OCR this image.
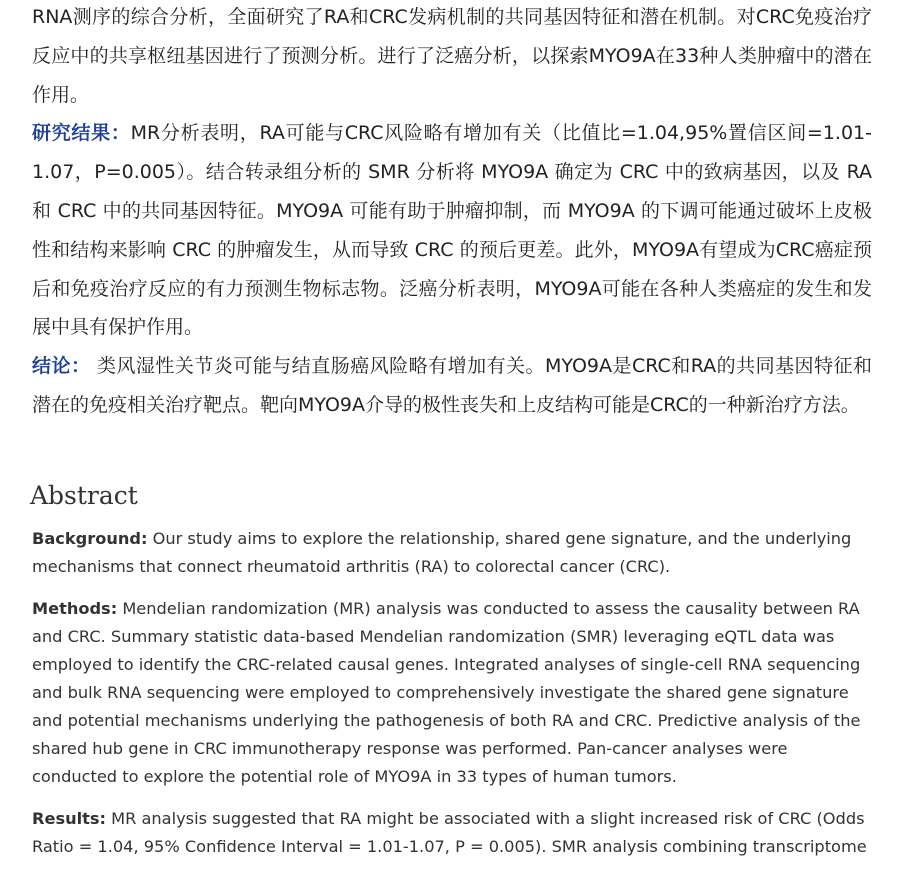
RNA测序的综合分析，全面研究了RA和CRC发病机制的共同基因特征和潜在机制。对CRC免疫治疗反应中的共享枢纽基因进行了预测分析。进行了泛癌分析，以探索MYO9A在33种人类肿瘤中的潜在作用。

研究结果：MR分析表明，RA可能与CRC风险略有增加有关（比值比=1.04,95%置信区间=1.01-1.07，P=0.005）。结合转录组分析的 SMR 分析将 MYO9A 确定为 CRC 中的致病基因，以及 RA 和 CRC 中的共同基因特征。MYO9A 可能有助于肿瘤抑制，而 MYO9A 的下调可能通过破坏上皮极性和结构来影响 CRC 的肿瘤发生，从而导致 CRC 的预后更差。此外，MYO9A有望成为CRC癌症预后和免疫治疗反应的有力预测生物标志物。泛癌分析表明，MYO9A可能在各种人类癌症的发生和发展中具有保护作用。

结论： 类风湿性关节炎可能与结直肠癌风险略有增加有关。MYO9A是CRC和RA的共同基因特征和潜在的免疫相关治疗靶点。靶向MYO9A介导的极性丧失和上皮结构可能是CRC的一种新治疗方法。

Abstract

Background: Our study aims to explore the relationship, shared gene signature, and the underlying mechanisms that connect rheumatoid arthritis (RA) to colorectal cancer (CRC).

Methods: Mendelian randomization (MR) analysis was conducted to assess the causality between RA and CRC. Summary statistic data-based Mendelian randomization (SMR) leveraging eQTL data was employed to identify the CRC-related causal genes. Integrated analyses of single-cell RNA sequencing and bulk RNA sequencing were employed to comprehensively investigate the shared gene signature and potential mechanisms underlying the pathogenesis of both RA and CRC. Predictive analysis of the shared hub gene in CRC immunotherapy response was performed. Pan-cancer analyses were conducted to explore the potential role of MYO9A in 33 types of human tumors.

Results: MR analysis suggested that RA might be associated with a slight increased risk of CRC (Odds Ratio = 1.04, 95% Confidence Interval = 1.01-1.07, P = 0.005). SMR analysis combining transcriptome
